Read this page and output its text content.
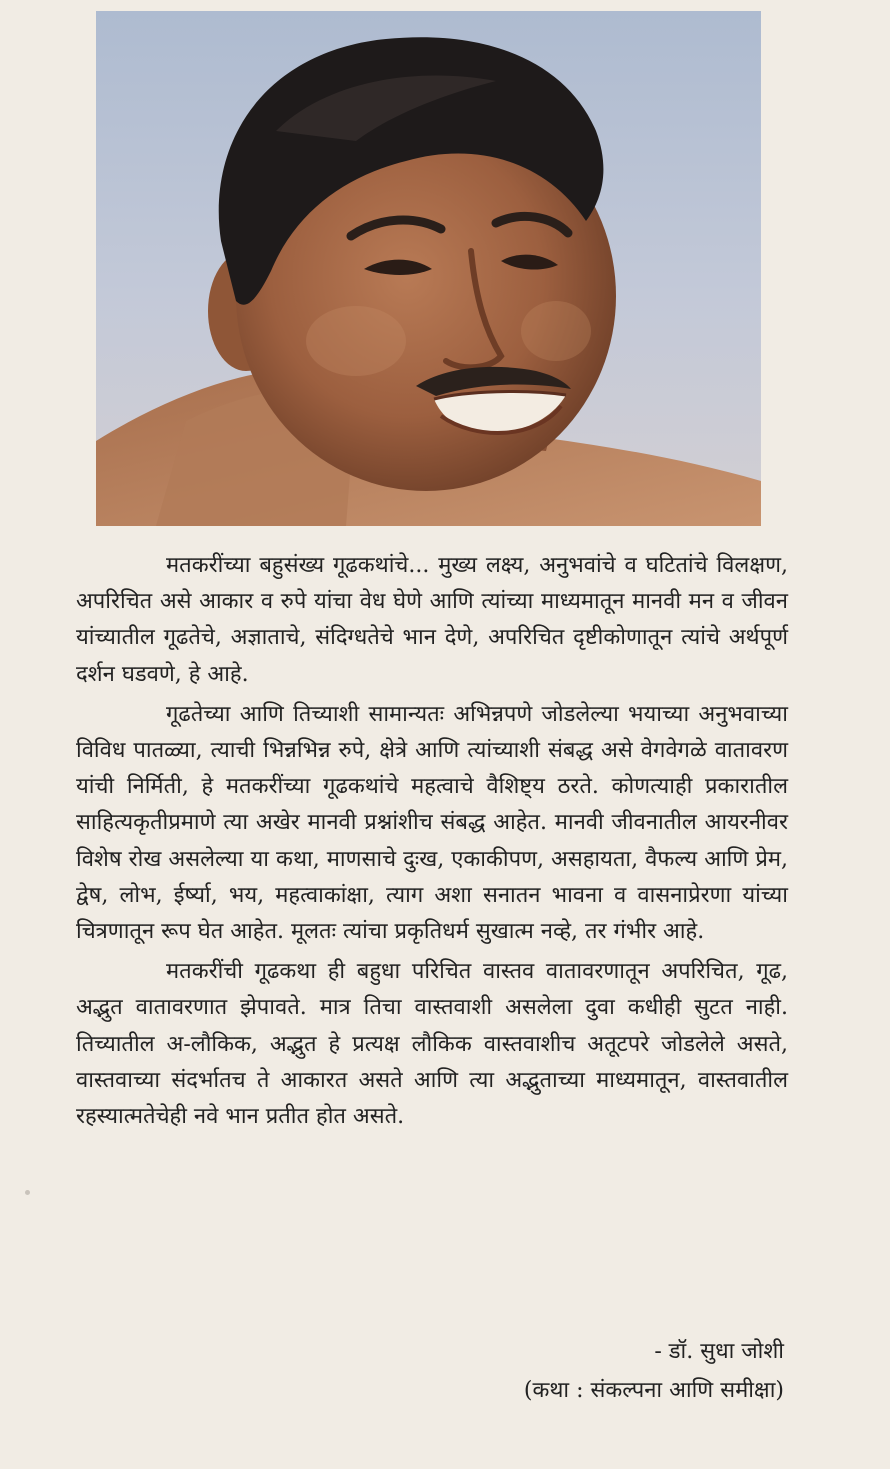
मतकरींच्या बहुसंख्य गूढकथांचे... मुख्य लक्ष्य, अनुभवांचे व घटितांचे विलक्षण, अपरिचित असे आकार व रुपे यांचा वेध घेणे आणि त्यांच्या माध्यमातून मानवी मन व जीवन यांच्यातील गूढतेचे, अज्ञाताचे, संदिग्धतेचे भान देणे, अपरिचित दृष्टीकोणातून त्यांचे अर्थपूर्ण दर्शन घडवणे, हे आहे.

गूढतेच्या आणि तिच्याशी सामान्यतः अभिन्नपणे जोडलेल्या भयाच्या अनुभवाच्या विविध पातळ्या, त्याची भिन्नभिन्न रुपे, क्षेत्रे आणि त्यांच्याशी संबद्ध असे वेगवेगळे वातावरण यांची निर्मिती, हे मतकरींच्या गूढकथांचे महत्वाचे वैशिष्ट्य ठरते. कोणत्याही प्रकारातील साहित्यकृतीप्रमाणे त्या अखेर मानवी प्रश्नांशीच संबद्ध आहेत. मानवी जीवनातील आयरनीवर विशेष रोख असलेल्या या कथा, माणसाचे दुःख, एकाकीपण, असहायता, वैफल्य आणि प्रेम, द्वेष, लोभ, ईर्ष्या, भय, महत्वाकांक्षा, त्याग अशा सनातन भावना व वासनाप्रेरणा यांच्या चित्रणातून रूप घेत आहेत. मूलतः त्यांचा प्रकृतिधर्म सुखात्म नव्हे, तर गंभीर आहे.

मतकरींची गूढकथा ही बहुधा परिचित वास्तव वातावरणातून अपरिचित, गूढ, अद्भुत वातावरणात झेपावते. मात्र तिचा वास्तवाशी असलेला दुवा कधीही सुटत नाही. तिच्यातील अ-लौकिक, अद्भुत हे प्रत्यक्ष लौकिक वास्तवाशीच अतूटपरे जोडलेले असते, वास्तवाच्या संदर्भातच ते आकारत असते आणि त्या अद्भुताच्या माध्यमातून, वास्तवातील रहस्यात्मतेचेही नवे भान प्रतीत होत असते.

- डॉ. सुधा जोशी
(कथा : संकल्पना आणि समीक्षा)
